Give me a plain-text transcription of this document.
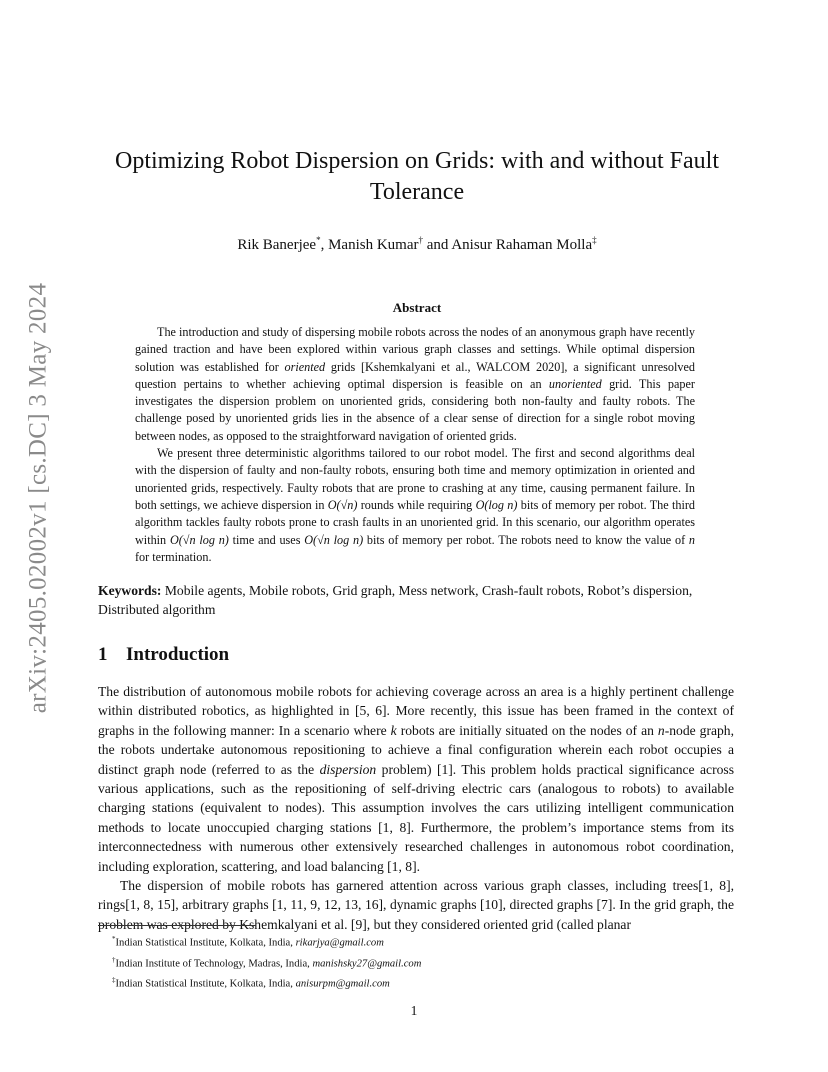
arXiv:2405.02002v1 [cs.DC] 3 May 2024
Optimizing Robot Dispersion on Grids: with and without Fault Tolerance
Rik Banerjee*, Manish Kumar† and Anisur Rahaman Molla‡
Abstract

The introduction and study of dispersing mobile robots across the nodes of an anonymous graph have recently gained traction and have been explored within various graph classes and settings. While optimal dispersion solution was established for oriented grids [Kshemkalyani et al., WALCOM 2020], a significant unresolved question pertains to whether achieving optimal dispersion is feasible on an unoriented grid. This paper investigates the dispersion problem on unoriented grids, considering both non-faulty and faulty robots. The challenge posed by unoriented grids lies in the absence of a clear sense of direction for a single robot moving between nodes, as opposed to the straightforward navigation of oriented grids.

We present three deterministic algorithms tailored to our robot model. The first and second algorithms deal with the dispersion of faulty and non-faulty robots, ensuring both time and memory optimization in oriented and unoriented grids, respectively. Faulty robots that are prone to crashing at any time, causing permanent failure. In both settings, we achieve dispersion in O(√n) rounds while requiring O(log n) bits of memory per robot. The third algorithm tackles faulty robots prone to crash faults in an unoriented grid. In this scenario, our algorithm operates within O(√n log n) time and uses O(√n log n) bits of memory per robot. The robots need to know the value of n for termination.

Keywords: Mobile agents, Mobile robots, Grid graph, Mess network, Crash-fault robots, Robot’s dispersion, Distributed algorithm
1 Introduction

The distribution of autonomous mobile robots for achieving coverage across an area is a highly pertinent challenge within distributed robotics, as highlighted in [5, 6]. More recently, this issue has been framed in the context of graphs in the following manner: In a scenario where k robots are initially situated on the nodes of an n-node graph, the robots undertake autonomous repositioning to achieve a final configuration wherein each robot occupies a distinct graph node (referred to as the dispersion problem) [1]. This problem holds practical significance across various applications, such as the repositioning of self-driving electric cars (analogous to robots) to available charging stations (equivalent to nodes). This assumption involves the cars utilizing intelligent communication methods to locate unoccupied charging stations [1, 8]. Furthermore, the problem’s importance stems from its interconnectedness with numerous other extensively researched challenges in autonomous robot coordination, including exploration, scattering, and load balancing [1, 8].

The dispersion of mobile robots has garnered attention across various graph classes, including trees[1, 8], rings[1, 8, 15], arbitrary graphs [1, 11, 9, 12, 13, 16], dynamic graphs [10], directed graphs [7]. In the grid graph, the problem was explored by Kshemkalyani et al. [9], but they considered oriented grid (called planar

*Indian Statistical Institute, Kolkata, India, rikarjya@gmail.com
†Indian Institute of Technology, Madras, India, manishsky27@gmail.com
‡Indian Statistical Institute, Kolkata, India, anisurpm@gmail.com
1
